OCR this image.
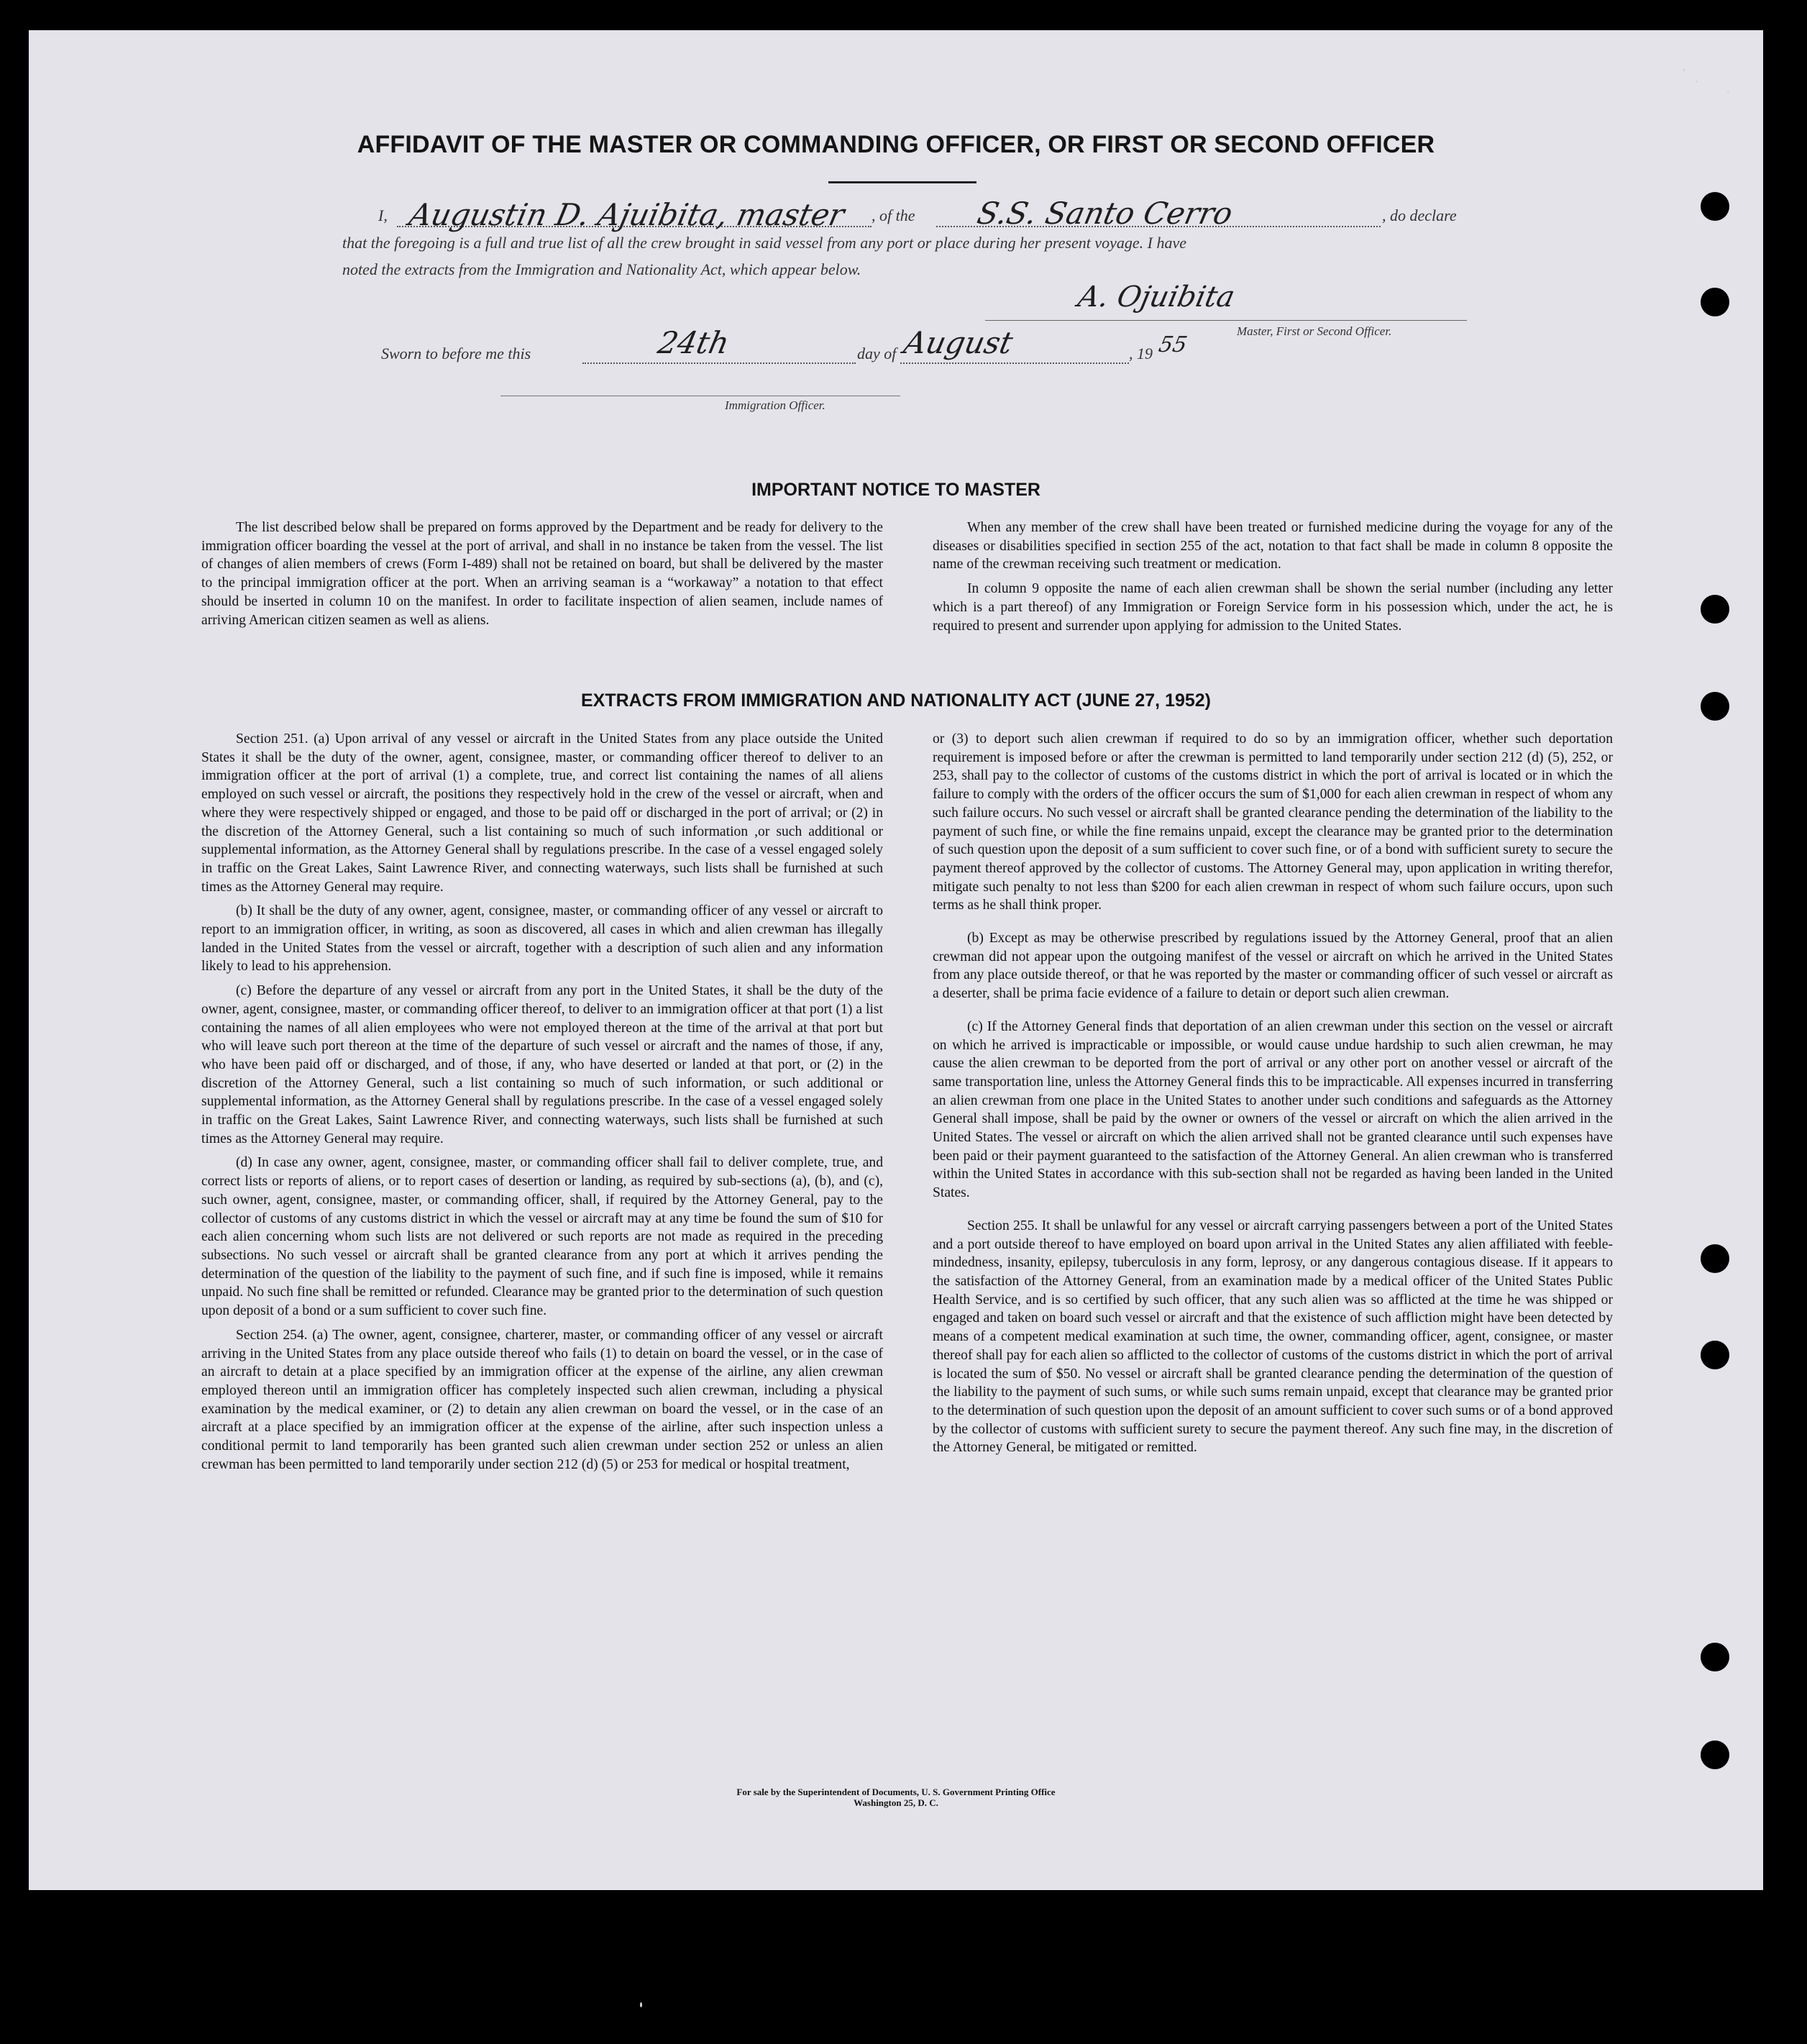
AFFIDAVIT OF THE MASTER OR COMMANDING OFFICER, OR FIRST OR SECOND OFFICER
I, Augustin D. Ajuibita, master , of the S.S. Santo Cerro	, do declare
that the foregoing is a full and true list of all the crew brought in said vessel from any port or place during her present voyage. I have
noted the extracts from the Immigration and Nationality Act, which appear below.
A. Ojuibita
Master, First or Second Officer.
Sworn to before me this	24th	day of August	, 19 55
Immigration Officer.
IMPORTANT NOTICE TO MASTER

The list described below shall be prepared on forms approved by the Department and be ready for delivery to the immigration officer boarding the vessel at the port of arrival, and shall in no instance be taken from the vessel. The list of changes of alien members of crews (Form I-489) shall not be retained on board, but shall be delivered by the master to the principal immigration officer at the port. When an arriving seaman is a “workaway” a notation to that effect should be inserted in column 10 on the manifest. In order to facilitate inspection of alien seamen, include names of arriving American citizen seamen as well as aliens.

When any member of the crew shall have been treated or furnished medicine during the voyage for any of the diseases or disabilities specified in section 255 of the act, notation to that fact shall be made in column 8 opposite the name of the crewman receiving such treatment or medication.

In column 9 opposite the name of each alien crewman shall be shown the serial number (including any letter which is a part thereof) of any Immigration or Foreign Service form in his possession which, under the act, he is required to present and surrender upon applying for admission to the United States.

EXTRACTS FROM IMMIGRATION AND NATIONALITY ACT (JUNE 27, 1952)

Section 251. (a) Upon arrival of any vessel or aircraft in the United States from any place outside the United States it shall be the duty of the owner, agent, consignee, master, or commanding officer thereof to deliver to an immigration officer at the port of arrival (1) a complete, true, and correct list containing the names of all aliens employed on such vessel or aircraft, the positions they respectively hold in the crew of the vessel or aircraft, when and where they were respectively shipped or engaged, and those to be paid off or discharged in the port of arrival; or (2) in the discretion of the Attorney General, such a list containing so much of such information ,or such additional or supplemental information, as the Attorney General shall by regulations prescribe. In the case of a vessel engaged solely in traffic on the Great Lakes, Saint Lawrence River, and connecting waterways, such lists shall be furnished at such times as the Attorney General may require.

(b) It shall be the duty of any owner, agent, consignee, master, or commanding officer of any vessel or aircraft to report to an immigration officer, in writing, as soon as discovered, all cases in which and alien crewman has illegally landed in the United States from the vessel or aircraft, together with a description of such alien and any information likely to lead to his apprehension.

(c) Before the departure of any vessel or aircraft from any port in the United States, it shall be the duty of the owner, agent, consignee, master, or commanding officer thereof, to deliver to an immigration officer at that port (1) a list containing the names of all alien employees who were not employed thereon at the time of the arrival at that port but who will leave such port thereon at the time of the departure of such vessel or aircraft and the names of those, if any, who have been paid off or discharged, and of those, if any, who have deserted or landed at that port, or (2) in the discretion of the Attorney General, such a list containing so much of such information, or such additional or supplemental information, as the Attorney General shall by regulations prescribe. In the case of a vessel engaged solely in traffic on the Great Lakes, Saint Lawrence River, and connecting waterways, such lists shall be furnished at such times as the Attorney General may require.

(d) In case any owner, agent, consignee, master, or commanding officer shall fail to deliver complete, true, and correct lists or reports of aliens, or to report cases of desertion or landing, as required by sub-sections (a), (b), and (c), such owner, agent, consignee, master, or commanding officer, shall, if required by the Attorney General, pay to the collector of customs of any customs district in which the vessel or aircraft may at any time be found the sum of $10 for each alien concerning whom such lists are not delivered or such reports are not made as required in the preceding subsections. No such vessel or aircraft shall be granted clearance from any port at which it arrives pending the determination of the question of the liability to the payment of such fine, and if such fine is imposed, while it remains unpaid. No such fine shall be remitted or refunded. Clearance may be granted prior to the determination of such question upon deposit of a bond or a sum sufficient to cover such fine.

Section 254. (a) The owner, agent, consignee, charterer, master, or commanding officer of any vessel or aircraft arriving in the United States from any place outside thereof who fails (1) to detain on board the vessel, or in the case of an aircraft to detain at a place specified by an immigration officer at the expense of the airline, any alien crewman employed thereon until an immigration officer has completely inspected such alien crewman, including a physical examination by the medical examiner, or (2) to detain any alien crewman on board the vessel, or in the case of an aircraft at a place specified by an immigration officer at the expense of the airline, after such inspection unless a conditional permit to land temporarily has been granted such alien crewman under section 252 or unless an alien crewman has been permitted to land temporarily under section 212 (d) (5) or 253 for medical or hospital treatment,

or (3) to deport such alien crewman if required to do so by an immigration officer, whether such deportation requirement is imposed before or after the crewman is permitted to land temporarily under section 212 (d) (5), 252, or 253, shall pay to the collector of customs of the customs district in which the port of arrival is located or in which the failure to comply with the orders of the officer occurs the sum of $1,000 for each alien crewman in respect of whom any such failure occurs. No such vessel or aircraft shall be granted clearance pending the determination of the liability to the payment of such fine, or while the fine remains unpaid, except the clearance may be granted prior to the determination of such question upon the deposit of a sum sufficient to cover such fine, or of a bond with sufficient surety to secure the payment thereof approved by the collector of customs. The Attorney General may, upon application in writing therefor, mitigate such penalty to not less than $200 for each alien crewman in respect of whom such failure occurs, upon such terms as he shall think proper.

(b) Except as may be otherwise prescribed by regulations issued by the Attorney General, proof that an alien crewman did not appear upon the outgoing manifest of the vessel or aircraft on which he arrived in the United States from any place outside thereof, or that he was reported by the master or commanding officer of such vessel or aircraft as a deserter, shall be prima facie evidence of a failure to detain or deport such alien crewman.

(c) If the Attorney General finds that deportation of an alien crewman under this section on the vessel or aircraft on which he arrived is impracticable or impossible, or would cause undue hardship to such alien crewman, he may cause the alien crewman to be deported from the port of arrival or any other port on another vessel or aircraft of the same transportation line, unless the Attorney General finds this to be impracticable. All expenses incurred in transferring an alien crewman from one place in the United States to another under such conditions and safeguards as the Attorney General shall impose, shall be paid by the owner or owners of the vessel or aircraft on which the alien arrived in the United States. The vessel or aircraft on which the alien arrived shall not be granted clearance until such expenses have been paid or their payment guaranteed to the satisfaction of the Attorney General. An alien crewman who is transferred within the United States in accordance with this sub-section shall not be regarded as having been landed in the United States.

Section 255. It shall be unlawful for any vessel or aircraft carrying passengers between a port of the United States and a port outside thereof to have employed on board upon arrival in the United States any alien affiliated with feeble-mindedness, insanity, epilepsy, tuberculosis in any form, leprosy, or any dangerous contagious disease. If it appears to the satisfaction of the Attorney General, from an examination made by a medical officer of the United States Public Health Service, and is so certified by such officer, that any such alien was so afflicted at the time he was shipped or engaged and taken on board such vessel or aircraft and that the existence of such affliction might have been detected by means of a competent medical examination at such time, the owner, commanding officer, agent, consignee, or master thereof shall pay for each alien so afflicted to the collector of customs of the customs district in which the port of arrival is located the sum of $50. No vessel or aircraft shall be granted clearance pending the determination of the question of the liability to the payment of such sums, or while such sums remain unpaid, except that clearance may be granted prior to the determination of such question upon the deposit of an amount sufficient to cover such sums or of a bond approved by the collector of customs with sufficient surety to secure the payment thereof. Any such fine may, in the discretion of the Attorney General, be mitigated or remitted.

For sale by the Superintendent of Documents, U. S. Government Printing Office
Washington 25, D. C.
